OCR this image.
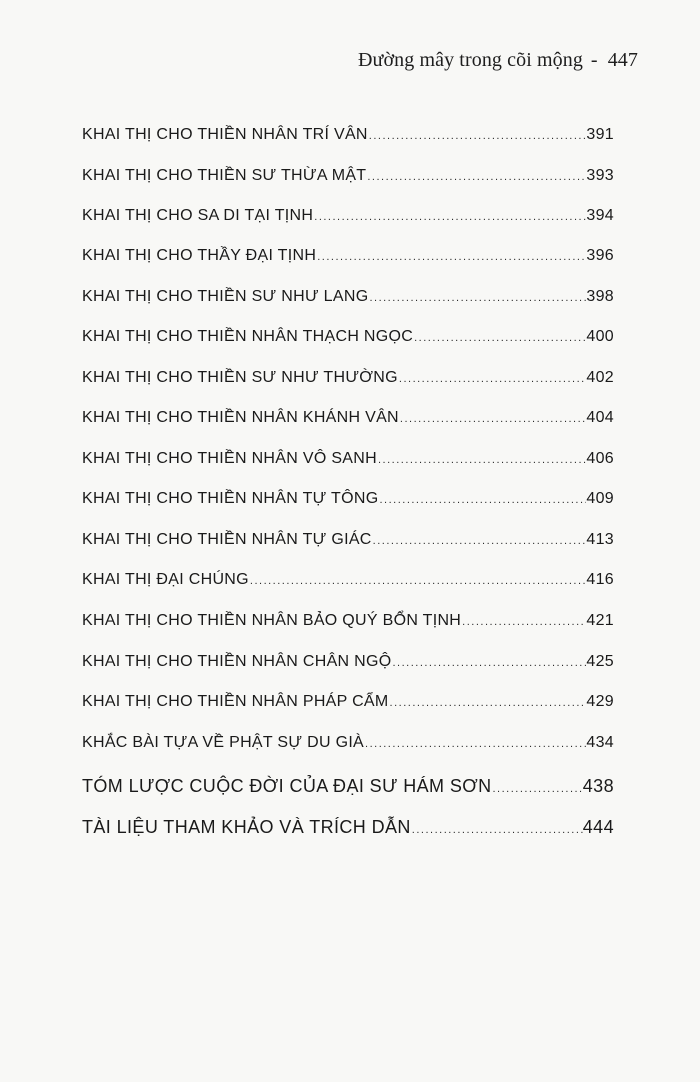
Đường mây trong cõi mộng - 447
KHAI THỊ CHO THIỀN NHÂN TRÍ VÂN .....	391
KHAI THỊ CHO THIỀN SƯ THỪA MẬT .....	393
KHAI THỊ CHO SA DI TẠI TỊNH .....	394
KHAI THỊ CHO THẦY ĐẠI TỊNH .....	396
KHAI THỊ CHO THIỀN SƯ NHƯ LANG .....	398
KHAI THỊ CHO THIỀN NHÂN THẠCH NGỌC .....	400
KHAI THỊ CHO THIỀN SƯ NHƯ THƯỜNG .....	402
KHAI THỊ CHO THIỀN NHÂN KHÁNH VÂN .....	404
KHAI THỊ CHO THIỀN NHÂN VÔ SANH .....	406
KHAI THỊ CHO THIỀN NHÂN TỰ TÔNG .....	409
KHAI THỊ CHO THIỀN NHÂN TỰ GIÁC .....	413
KHAI THỊ ĐẠI CHÚNG .....	416
KHAI THỊ CHO THIỀN NHÂN BẢO QUÝ BỔN TỊNH .....	421
KHAI THỊ CHO THIỀN NHÂN CHÂN NGỘ .....	425
KHAI THỊ CHO THIỀN NHÂN PHÁP CẨM .....	429
KHẮC BÀI TỰA VỀ PHẬT SỰ DU GIÀ .....	434
TÓM LƯỢC CUỘC ĐỜI CỦA ĐẠI SƯ HÁM SƠN .....	438
TÀI LIỆU THAM KHẢO VÀ TRÍCH DẪN .....	444
